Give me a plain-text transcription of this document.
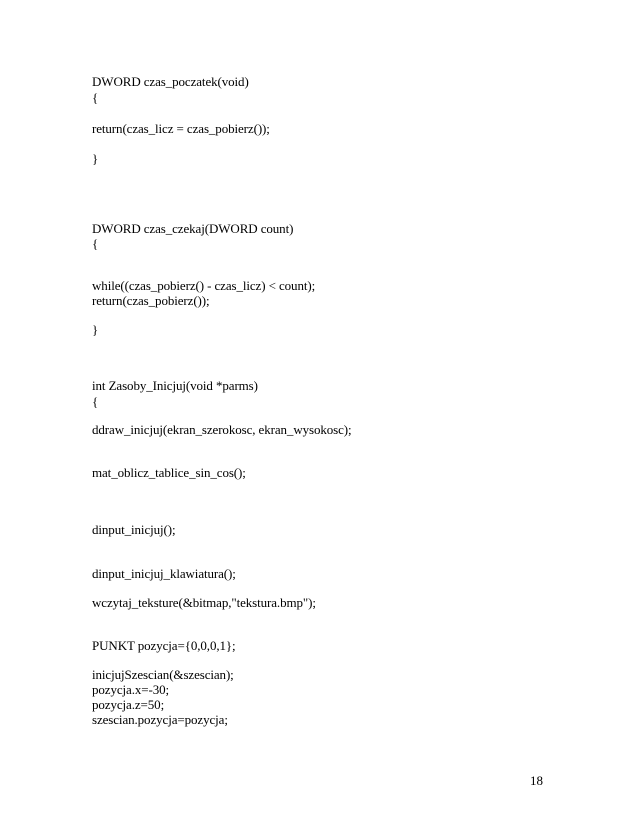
DWORD czas_poczatek(void)
{
return(czas_licz = czas_pobierz());
}
DWORD czas_czekaj(DWORD count)
{
while((czas_pobierz() - czas_licz) < count);
return(czas_pobierz());
}
int Zasoby_Inicjuj(void *parms)
{
ddraw_inicjuj(ekran_szerokosc, ekran_wysokosc);
mat_oblicz_tablice_sin_cos();
dinput_inicjuj();
dinput_inicjuj_klawiatura();
wczytaj_teksture(&bitmap,"tekstura.bmp");
PUNKT pozycja={0,0,0,1};
inicjujSzescian(&szescian);
pozycja.x=-30;
pozycja.z=50;
szescian.pozycja=pozycja;
18
